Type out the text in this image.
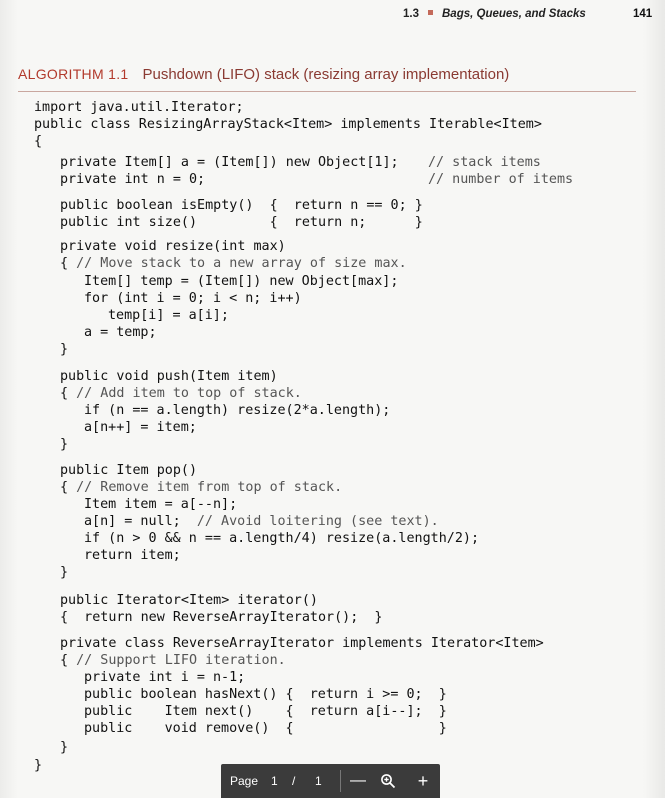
1.3 Bags, Queues, and Stacks	141
ALGORITHM 1.1 Pushdown (LIFO) stack (resizing array implementation)
import java.util.Iterator;
public class ResizingArrayStack<Item> implements Iterable<Item>
{
private Item[] a = (Item[]) new Object[1]; // stack items
private int n = 0;	// number of items
public boolean isEmpty()  {  return n == 0; }
public int size()         {  return n;      }
private void resize(int max)
{ // Move stack to a new array of size max.
Item[] temp = (Item[]) new Object[max];
for (int i = 0; i < n; i++)
temp[i] = a[i];
a = temp;
}
public void push(Item item)
{ // Add item to top of stack.
if (n == a.length) resize(2*a.length);
a[n++] = item;
}
public Item pop()
{ // Remove item from top of stack.
Item item = a[--n];
a[n] = null;  // Avoid loitering (see text).
if (n > 0 && n == a.length/4) resize(a.length/2);
return item;
}
public Iterator<Item> iterator()
{  return new ReverseArrayIterator();  }
private class ReverseArrayIterator implements Iterator<Item>
{ // Support LIFO iteration.
private int i = n-1;
public boolean hasNext() {  return i >= 0;  }
public    Item next()    {  return a[i--];  }
public    void remove()  {                  }
}
}
Page 1 / 1 —	+
